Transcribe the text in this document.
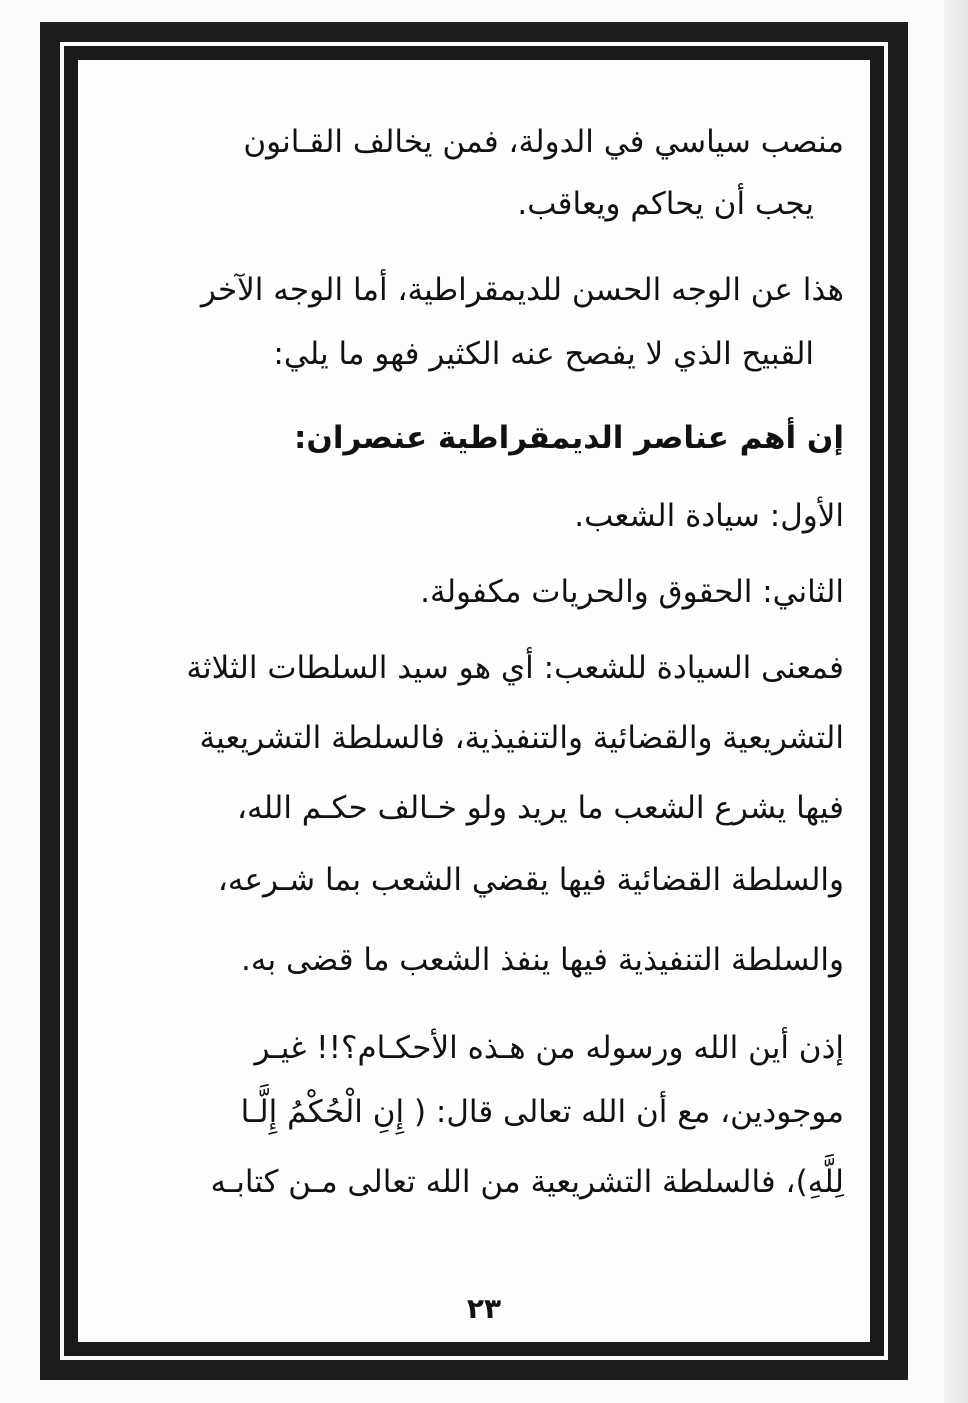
منصب سياسي في الدولة، فمن يخالف القـانون
يجب أن يحاكم ويعاقب.
هذا عن الوجه الحسن للديمقراطية، أما الوجه الآخر
القبيح الذي لا يفصح عنه الكثير فهو ما يلي:
إن أهم عناصر الديمقراطية عنصران:
الأول: سيادة الشعب.
الثاني: الحقوق والحريات مكفولة.
فمعنى السيادة للشعب: أي هو سيد السلطات الثلاثة
التشريعية والقضائية والتنفيذية، فالسلطة التشريعية
فيها يشرع الشعب ما يريد ولو خـالف حكـم الله،
والسلطة القضائية فيها يقضي الشعب بما شـرعه،
والسلطة التنفيذية فيها ينفذ الشعب ما قضى به.
إذن أين الله ورسوله من هـذه الأحكـام؟!! غيـر
موجودين، مع أن الله تعالى قال: ( إِنِ الْحُكْمُ إِلَّـا
لِلَّهِ)، فالسلطة التشريعية من الله تعالى مـن كتابـه
٢٣
